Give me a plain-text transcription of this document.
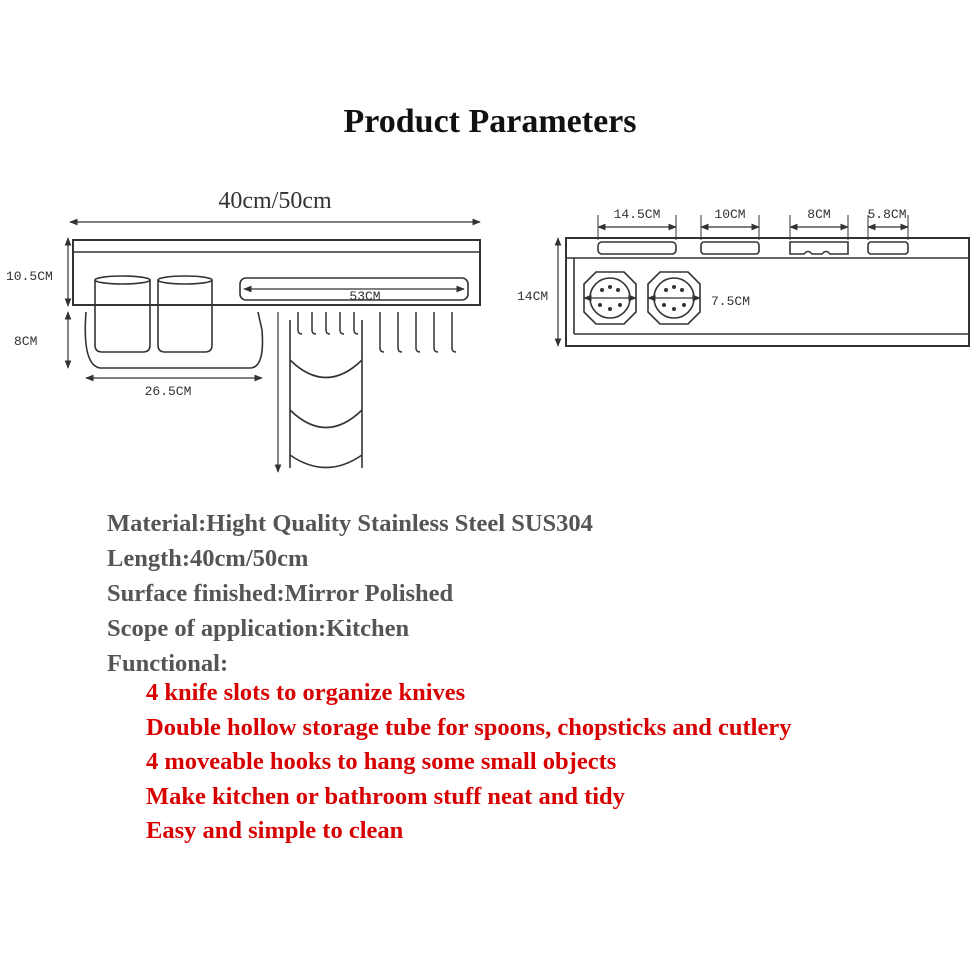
Product Parameters
40cm/50cm
10.5CM
8CM
26.5CM
53CM
14.5CM	10CM	8CM	5.8CM
14CM	7.5CM
Material:Hight Quality Stainless Steel SUS304
Length:40cm/50cm
Surface finished:Mirror Polished
Scope of application:Kitchen
Functional:
4 knife slots to organize knives
Double hollow storage tube for spoons, chopsticks and cutlery
4 moveable hooks to hang some small objects
Make kitchen or bathroom stuff neat and tidy
Easy and simple to clean
